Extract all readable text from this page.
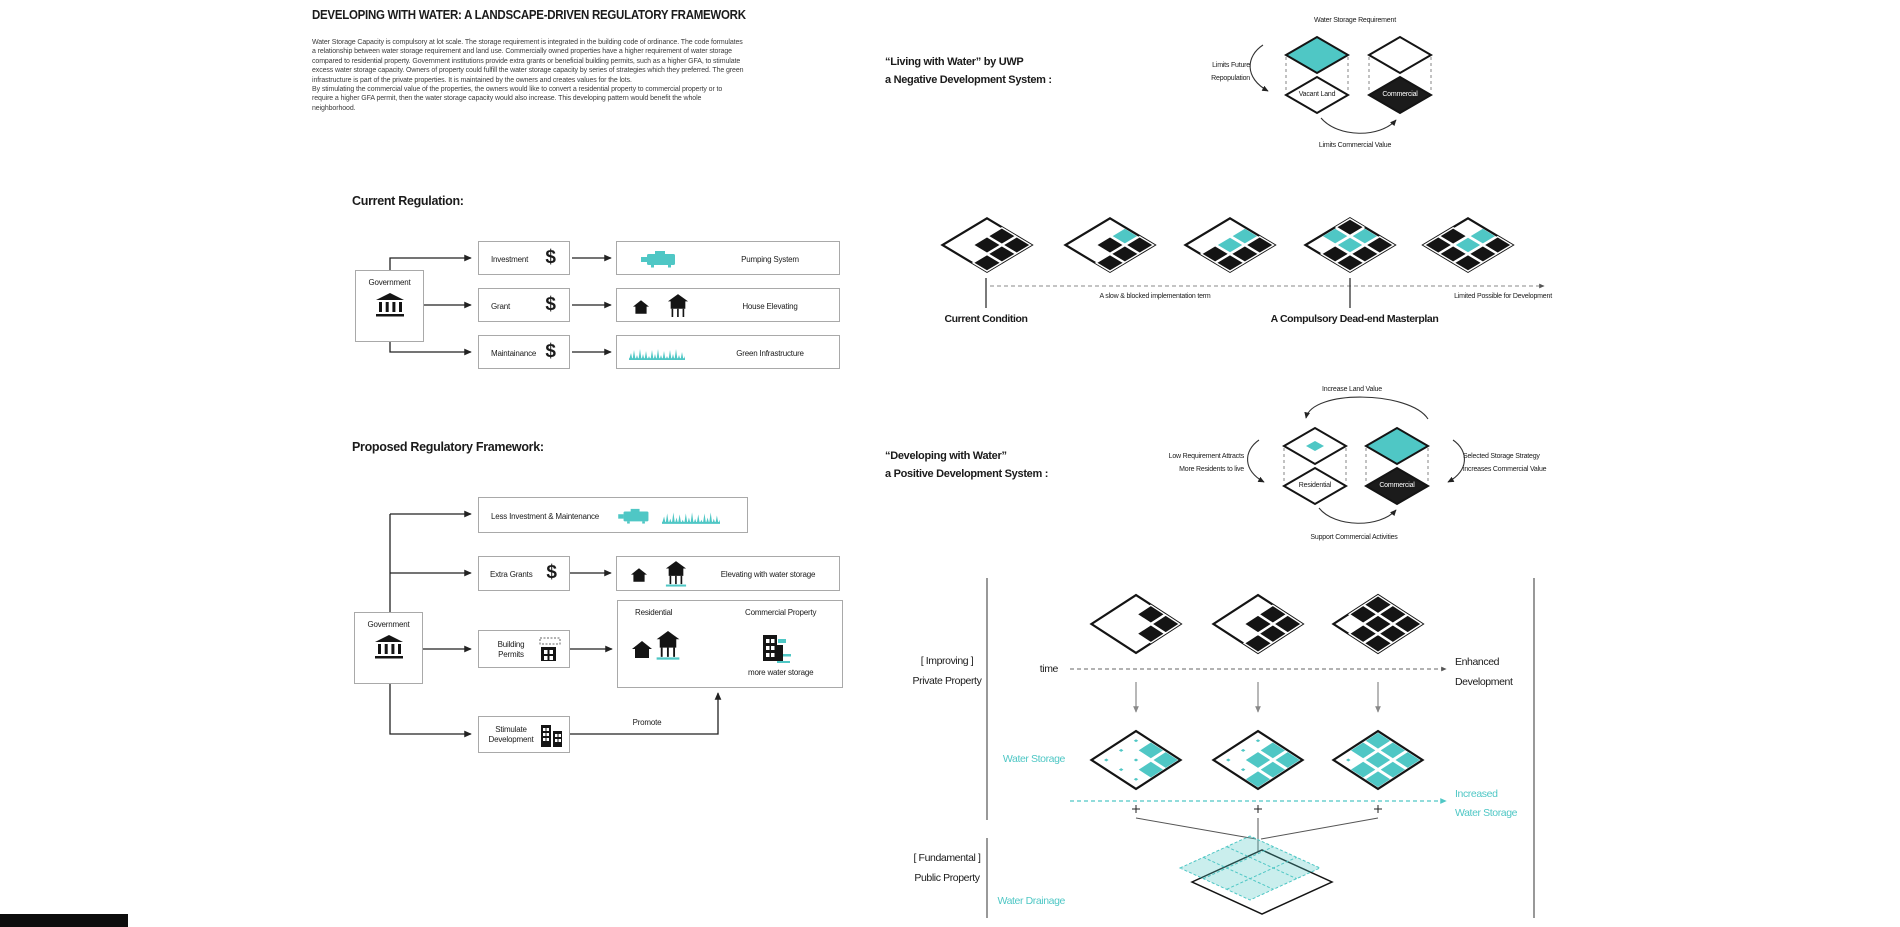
DEVELOPING WITH WATER: A LANDSCAPE-DRIVEN REGULATORY FRAMEWORK
Water Storage Capacity is compulsory at lot scale. The storage requirement is integrated in the building code of ordinance. The code formulates a relationship between water storage requirement and land use. Commercially owned properties have a higher requirement of water storage compared to residential property. Government institutions provide extra grants or beneficial building permits, such as a higher GFA, to stimulate excess water storage capacity. Owners of property could fulfill the water storage capacity by series of strategies which they preferred. The green infrastructure is part of the private properties. It is maintained by the owners and creates values for the lots.
By stimulating the commercial value of the properties, the owners would like to convert a residential property to commercial property or to require a higher GFA permit, then the water storage capacity would also increase. This developing pattern would benefit the whole neighborhood.
Current Regulation:
Government
Investment $
Grant $
Maintainance $
Pumping System
House Elevating
Green Infrastructure
Proposed Regulatory Framework:
Government
Less Investment & Maintenance
Extra Grants $	Elevating with water storage
Building
Permits
Residential	Commercial Property
more water storage
Stimulate
Development
Promote
“Living with Water” by UWP
a Negative Development System :
Water Storage Requirement
Limits Future
Repopulation
Vacant Land	Commercial
Limits Commercial Value
A slow & blocked implementation term	Limited Possible for Development
Current Condition	A Compulsory Dead-end Masterplan
“Developing with Water”
a Positive Development System :
Increase Land Value
Low Requirement Attracts
More Residents to live
Selected Storage Strategy
increases Commercial Value
Residential	Commercial
Support Commercial Activities
[ Improving ]
Private Property
time
Enhanced
Development
Water Storage
Increased
Water Storage
[ Fundamental ]
Public Property
Water Drainage
